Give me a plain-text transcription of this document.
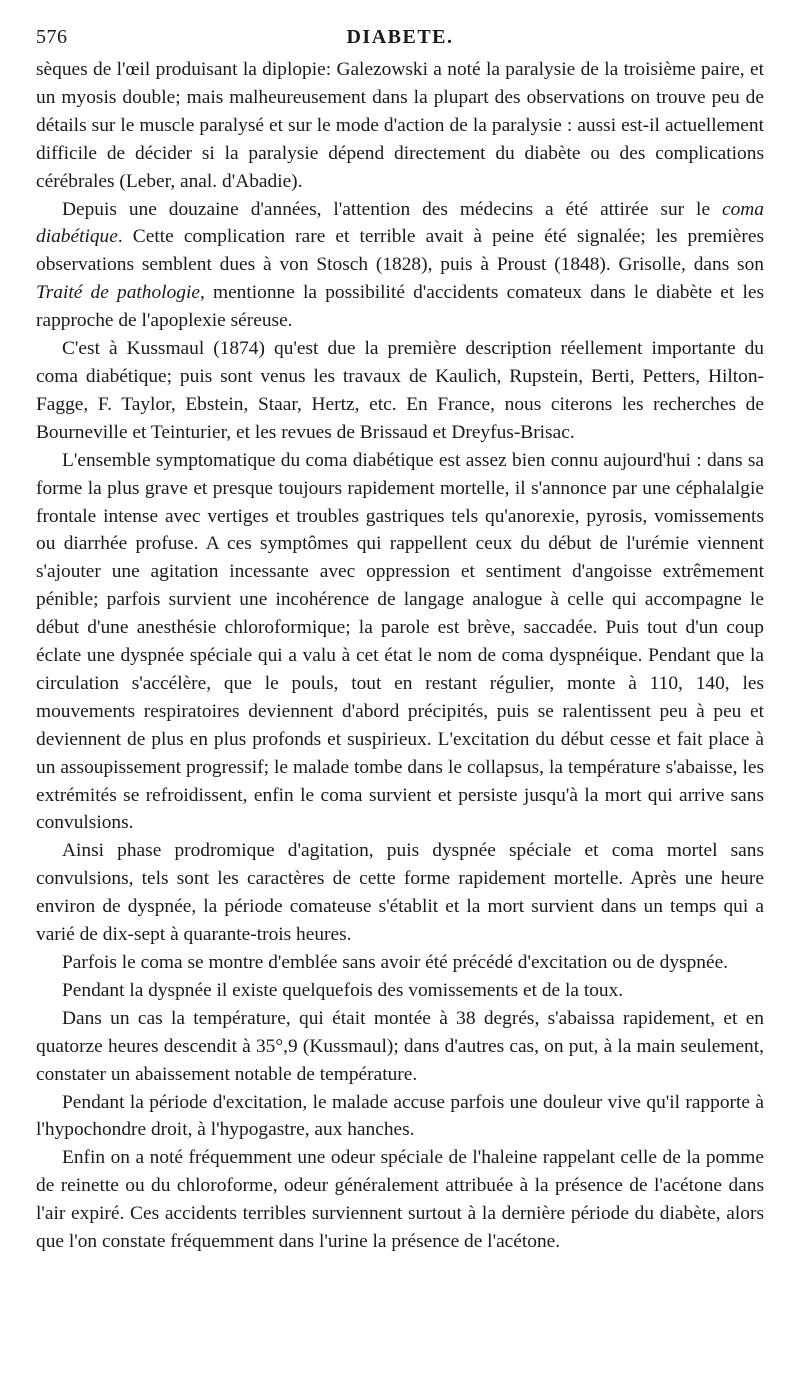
576	DIABETE.

sèques de l'œil produisant la diplopie: Galezowski a noté la paralysie de la troisième paire, et un myosis double; mais malheureusement dans la plupart des observations on trouve peu de détails sur le muscle paralysé et sur le mode d'action de la paralysie : aussi est-il actuellement difficile de décider si la paralysie dépend directement du diabète ou des complications cérébrales (Leber, anal. d'Abadie).

Depuis une douzaine d'années, l'attention des médecins a été attirée sur le coma diabétique. Cette complication rare et terrible avait à peine été signalée; les premières observations semblent dues à von Stosch (1828), puis à Proust (1848). Grisolle, dans son Traité de pathologie, mentionne la possibilité d'accidents comateux dans le diabète et les rapproche de l'apoplexie séreuse.

C'est à Kussmaul (1874) qu'est due la première description réellement importante du coma diabétique; puis sont venus les travaux de Kaulich, Rupstein, Berti, Petters, Hilton-Fagge, F. Taylor, Ebstein, Staar, Hertz, etc. En France, nous citerons les recherches de Bourneville et Teinturier, et les revues de Brissaud et Dreyfus-Brisac.

L'ensemble symptomatique du coma diabétique est assez bien connu aujourd'hui : dans sa forme la plus grave et presque toujours rapidement mortelle, il s'annonce par une céphalalgie frontale intense avec vertiges et troubles gastriques tels qu'anorexie, pyrosis, vomissements ou diarrhée profuse. A ces symptômes qui rappellent ceux du début de l'urémie viennent s'ajouter une agitation incessante avec oppression et sentiment d'angoisse extrêmement pénible; parfois survient une incohérence de langage analogue à celle qui accompagne le début d'une anesthésie chloroformique; la parole est brève, saccadée. Puis tout d'un coup éclate une dyspnée spéciale qui a valu à cet état le nom de coma dyspnéique. Pendant que la circulation s'accélère, que le pouls, tout en restant régulier, monte à 110, 140, les mouvements respiratoires deviennent d'abord précipités, puis se ralentissent peu à peu et deviennent de plus en plus profonds et suspirieux. L'excitation du début cesse et fait place à un assoupissement progressif; le malade tombe dans le collapsus, la température s'abaisse, les extrémités se refroidissent, enfin le coma survient et persiste jusqu'à la mort qui arrive sans convulsions.

Ainsi phase prodromique d'agitation, puis dyspnée spéciale et coma mortel sans convulsions, tels sont les caractères de cette forme rapidement mortelle. Après une heure environ de dyspnée, la période comateuse s'établit et la mort survient dans un temps qui a varié de dix-sept à quarante-trois heures.

Parfois le coma se montre d'emblée sans avoir été précédé d'excitation ou de dyspnée.

Pendant la dyspnée il existe quelquefois des vomissements et de la toux.

Dans un cas la température, qui était montée à 38 degrés, s'abaissa rapidement, et en quatorze heures descendit à 35°,9 (Kussmaul); dans d'autres cas, on put, à la main seulement, constater un abaissement notable de température.

Pendant la période d'excitation, le malade accuse parfois une douleur vive qu'il rapporte à l'hypochondre droit, à l'hypogastre, aux hanches.

Enfin on a noté fréquemment une odeur spéciale de l'haleine rappelant celle de la pomme de reinette ou du chloroforme, odeur généralement attribuée à la présence de l'acétone dans l'air expiré. Ces accidents terribles surviennent surtout à la dernière période du diabète, alors que l'on constate fréquemment dans l'urine la présence de l'acétone.
